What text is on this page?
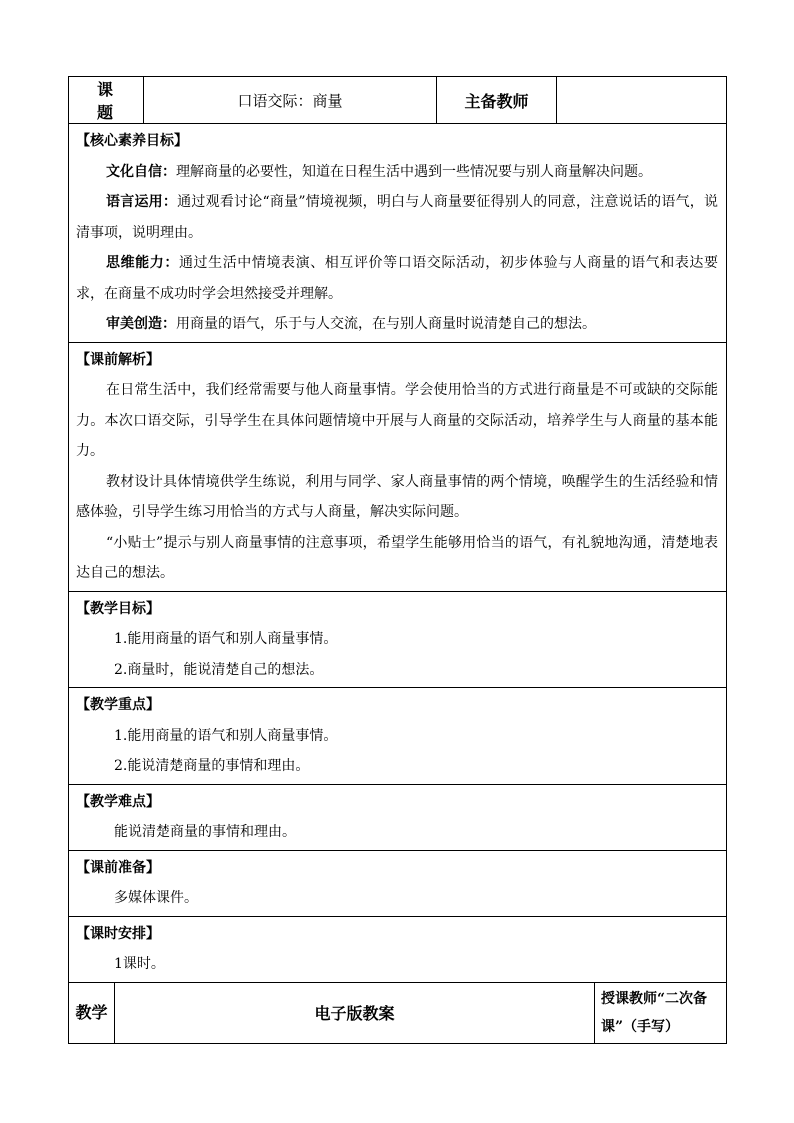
课题	口语交际：商量	主备教师	

【核心素养目标】

文化自信：理解商量的必要性，知道在日程生活中遇到一些情况要与别人商量解决问题。

语言运用：通过观看讨论“商量”情境视频，明白与人商量要征得别人的同意，注意说话的语气，说清事项，说明理由。

思维能力：通过生活中情境表演、相互评价等口语交际活动，初步体验与人商量的语气和表达要求，在商量不成功时学会坦然接受并理解。

审美创造：用商量的语气，乐于与人交流，在与别人商量时说清楚自己的想法。

【课前解析】

在日常生活中，我们经常需要与他人商量事情。学会使用恰当的方式进行商量是不可或缺的交际能力。本次口语交际，引导学生在具体问题情境中开展与人商量的交际活动，培养学生与人商量的基本能力。

教材设计具体情境供学生练说，利用与同学、家人商量事情的两个情境，唤醒学生的生活经验和情感体验，引导学生练习用恰当的方式与人商量，解决实际问题。

“小贴士”提示与别人商量事情的注意事项，希望学生能够用恰当的语气，有礼貌地沟通，清楚地表达自己的想法。

【教学目标】
1.能用商量的语气和别人商量事情。
2.商量时，能说清楚自己的想法。

【教学重点】
1.能用商量的语气和别人商量事情。
2.能说清楚商量的事情和理由。

【教学难点】
能说清楚商量的事情和理由。

【课前准备】
多媒体课件。

【课时安排】
1课时。
教学	电子版教案	授课教师“二次备课”（手写）
